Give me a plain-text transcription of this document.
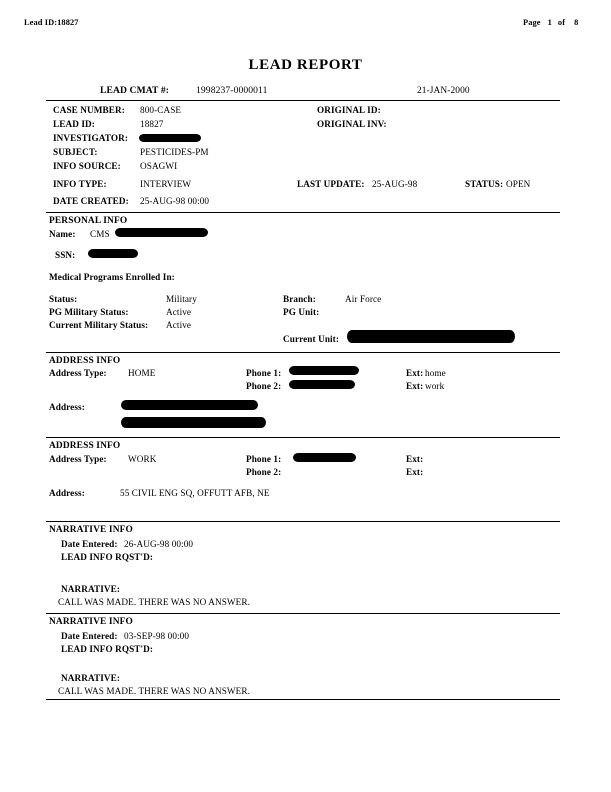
Lead ID:18827	Page 1 of 8
LEAD REPORT
LEAD CMAT #:	1998237-0000011	21-JAN-2000
CASE NUMBER: 800-CASE	ORIGINAL ID:
LEAD ID:	18827	ORIGINAL INV:
INVESTIGATOR:
SUBJECT:	PESTICIDES-PM
INFO SOURCE: OSAGWI
INFO TYPE:	INTERVIEW	LAST UPDATE: 25-AUG-98	STATUS: OPEN
DATE CREATED: 25-AUG-98 00:00
PERSONAL INFO
Name: CMS
SSN:
Medical Programs Enrolled In:
Status:	Military	Branch:	Air Force
PG Military Status:	Active	PG Unit:
Current Military Status: Active
Current Unit:
ADDRESS INFO
Address Type: HOME	Phone 1:	Ext: home
Phone 2:	Ext: work
Address:
ADDRESS INFO
Address Type: WORK	Phone 1:	Ext:
Phone 2:	Ext:
Address:	55 CIVIL ENG SQ, OFFUTT AFB, NE
NARRATIVE INFO
Date Entered: 26-AUG-98 00:00
LEAD INFO RQST'D:
NARRATIVE:
CALL WAS MADE. THERE WAS NO ANSWER.
NARRATIVE INFO
Date Entered: 03-SEP-98 00:00
LEAD INFO RQST'D:
NARRATIVE:
CALL WAS MADE. THERE WAS NO ANSWER.
